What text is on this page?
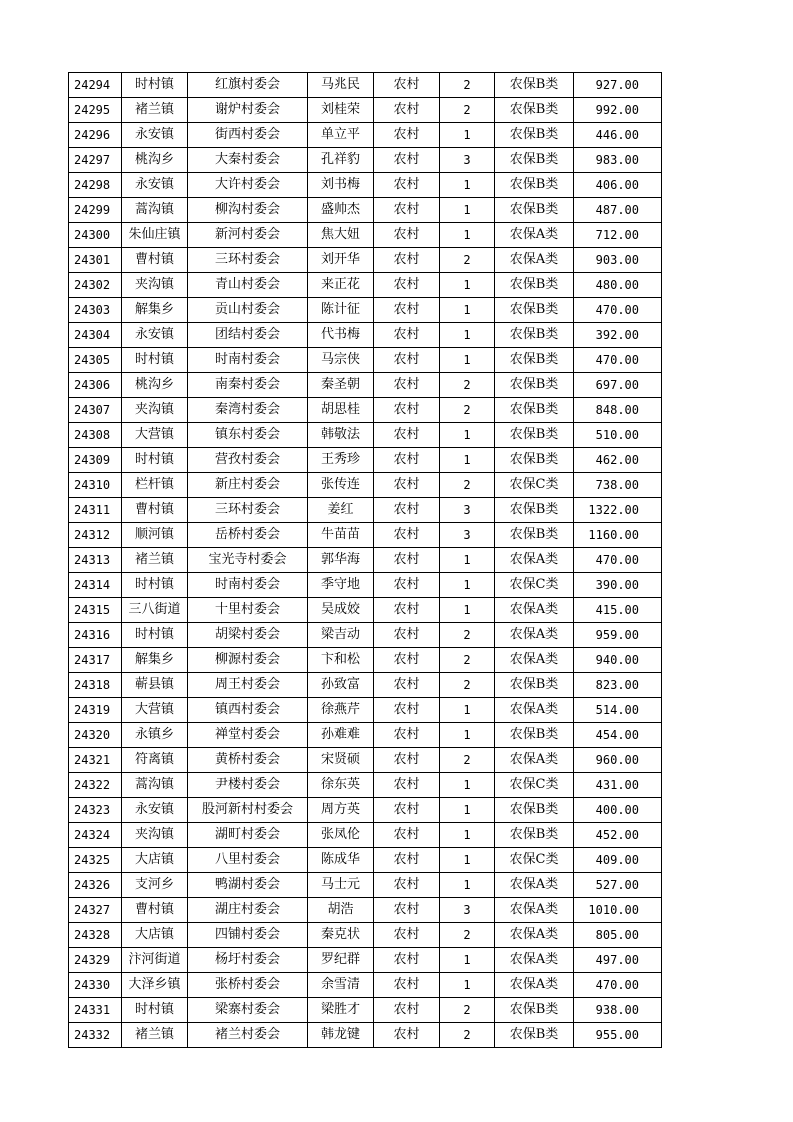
24294	时村镇	红旗村委会	马兆民	农村	2	农保B类	927.00
24295	褚兰镇	谢炉村委会	刘桂荣	农村	2	农保B类	992.00
24296	永安镇	街西村委会	单立平	农村	1	农保B类	446.00
24297	桃沟乡	大秦村委会	孔祥豹	农村	3	农保B类	983.00
24298	永安镇	大许村委会	刘书梅	农村	1	农保B类	406.00
24299	蒿沟镇	柳沟村委会	盛帅杰	农村	1	农保B类	487.00
24300	朱仙庄镇	新河村委会	焦大妞	农村	1	农保A类	712.00
24301	曹村镇	三环村委会	刘开华	农村	2	农保A类	903.00
24302	夹沟镇	青山村委会	来正花	农村	1	农保B类	480.00
24303	解集乡	贡山村委会	陈计征	农村	1	农保B类	470.00
24304	永安镇	团结村委会	代书梅	农村	1	农保B类	392.00
24305	时村镇	时南村委会	马宗侠	农村	1	农保B类	470.00
24306	桃沟乡	南秦村委会	秦圣朝	农村	2	农保B类	697.00
24307	夹沟镇	秦湾村委会	胡思桂	农村	2	农保B类	848.00
24308	大营镇	镇东村委会	韩敬法	农村	1	农保B类	510.00
24309	时村镇	营孜村委会	王秀珍	农村	1	农保B类	462.00
24310	栏杆镇	新庄村委会	张传连	农村	2	农保C类	738.00
24311	曹村镇	三环村委会	姜红	农村	3	农保B类	1322.00
24312	顺河镇	岳桥村委会	牛苗苗	农村	3	农保B类	1160.00
24313	褚兰镇	宝光寺村委会	郭华海	农村	1	农保A类	470.00
24314	时村镇	时南村委会	季守地	农村	1	农保C类	390.00
24315	三八街道	十里村委会	吴成姣	农村	1	农保A类	415.00
24316	时村镇	胡梁村委会	梁吉动	农村	2	农保A类	959.00
24317	解集乡	柳源村委会	卞和松	农村	2	农保A类	940.00
24318	蕲县镇	周王村委会	孙致富	农村	2	农保B类	823.00
24319	大营镇	镇西村委会	徐燕芹	农村	1	农保A类	514.00
24320	永镇乡	禅堂村委会	孙难难	农村	1	农保B类	454.00
24321	符离镇	黄桥村委会	宋贤硕	农村	2	农保A类	960.00
24322	蒿沟镇	尹楼村委会	徐东英	农村	1	农保C类	431.00
24323	永安镇	股河新村村委会	周方英	农村	1	农保B类	400.00
24324	夹沟镇	湖町村委会	张凤伦	农村	1	农保B类	452.00
24325	大店镇	八里村委会	陈成华	农村	1	农保C类	409.00
24326	支河乡	鸭湖村委会	马士元	农村	1	农保A类	527.00
24327	曹村镇	湖庄村委会	胡浩	农村	3	农保A类	1010.00
24328	大店镇	四铺村委会	秦克状	农村	2	农保A类	805.00
24329	汴河街道	杨圩村委会	罗纪群	农村	1	农保A类	497.00
24330	大泽乡镇	张桥村委会	余雪清	农村	1	农保A类	470.00
24331	时村镇	梁寨村委会	梁胜才	农村	2	农保B类	938.00
24332	褚兰镇	褚兰村委会	韩龙键	农村	2	农保B类	955.00
